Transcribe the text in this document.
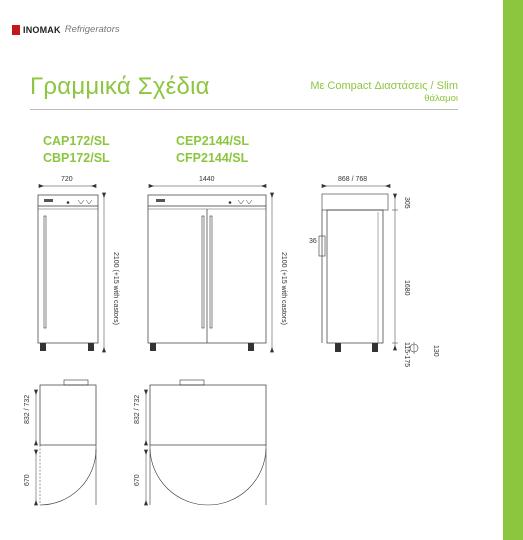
INOMAK Refrigerators
Γραμμικά Σχέδια	Με Compact Διαστάσεις / Slim
θάλαμοι
CAP172/SL
CBP172/SL
CEP2144/SL
CFP2144/SL
720	1440	868 / 768
2100 (+15 with castors)	2100 (+15 with castors)
305
36
1680
115-175	130
832 / 732
670
832 / 732
670
